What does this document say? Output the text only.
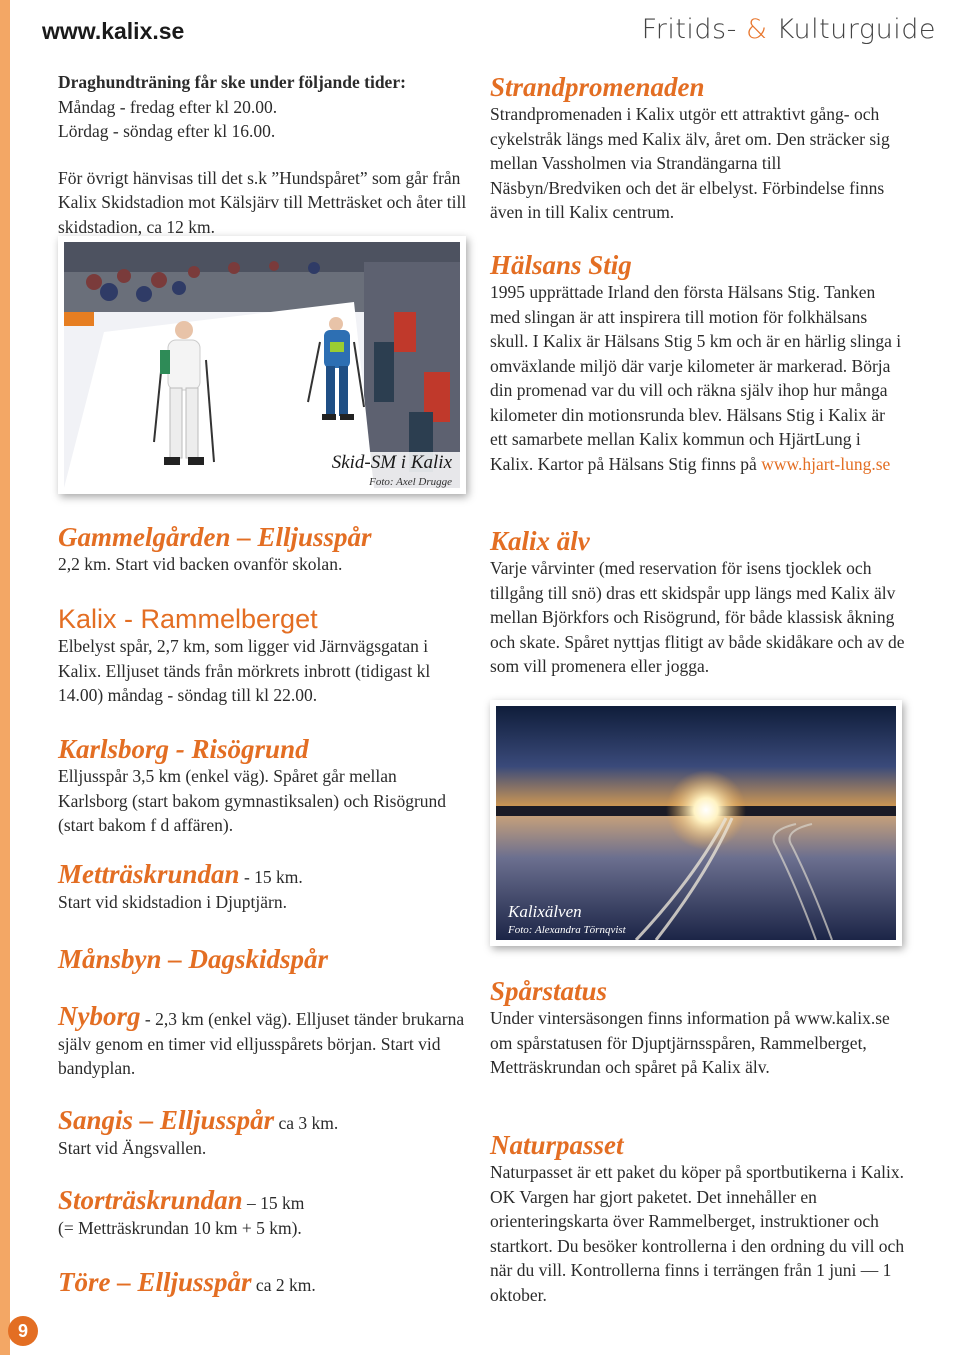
www.kalix.se	Fritids- & Kulturguide

Draghundträning får ske under följande tider:

Måndag - fredag efter kl 20.00.

Lördag - söndag efter kl 16.00.

För övrigt hänvisas till det s.k ”Hundspåret” som går från Kalix Skidstadion mot Kälsjärv till Metträsket och åter till skidstadion, ca 12 km.

Skid-SM i Kalix
Foto: Axel Drugge

Gammelgården – Elljusspår

2,2 km. Start vid backen ovanför skolan.

Kalix - Rammelberget

Elbelyst spår, 2,7 km, som ligger vid Järnvägsgatan i Kalix. Elljuset tänds från mörkrets inbrott (tidigast kl 14.00) måndag - söndag till kl 22.00.

Karlsborg - Risögrund

Elljusspår 3,5 km (enkel väg). Spåret går mellan Karlsborg (start bakom gymnastiksalen) och Risögrund (start bakom f d affären).

Metträskrundan - 15 km.

Start vid skidstadion i Djuptjärn.

Månsbyn – Dagskidspår

Nyborg - 2,3 km (enkel väg). Elljuset tänder brukarna själv genom en timer vid elljusspårets början. Start vid bandyplan.

Sangis – Elljusspår ca 3 km.

Start vid Ängsvallen.

Storträskrundan – 15 km

(= Metträskrundan 10 km + 5 km).

Töre – Elljusspår ca 2 km.

Strandpromenaden

Strandpromenaden i Kalix utgör ett attraktivt gång- och cykelstråk längs med Kalix älv, året om. Den sträcker sig mellan Vassholmen via Strandängarna till Näsbyn/Bredviken och det är elbelyst. Förbindelse finns även in till Kalix centrum.

Hälsans Stig

1995 upprättade Irland den första Hälsans Stig. Tanken med slingan är att inspirera till motion för folkhälsans skull. I Kalix är Hälsans Stig 5 km och är en härlig slinga i omväxlande miljö där varje kilometer är markerad. Börja din promenad var du vill och räkna själv ihop hur många kilometer din motionsrunda blev. Hälsans Stig i Kalix är ett samarbete mellan Kalix kommun och HjärtLung i Kalix. Kartor på Hälsans Stig finns på www.hjart-lung.se

Kalix älv

Varje vårvinter (med reservation för isens tjocklek och tillgång till snö) dras ett skidspår upp längs med Kalix älv mellan Björkfors och Risögrund, för både klassisk åkning och skate. Spåret nyttjas flitigt av både skidåkare och av de som vill promenera eller jogga.

Kalixälven
Foto: Alexandra Törnqvist

Spårstatus

Under vintersäsongen finns information på www.kalix.se om spårstatusen för Djuptjärnsspåren, Rammelberget, Metträskrundan och spåret på Kalix älv.

Naturpasset

Naturpasset är ett paket du köper på sportbutikerna i Kalix. OK Vargen har gjort paketet. Det innehåller en orienteringskarta över Rammelberget, instruktioner och startkort. Du besöker kontrollerna i den ordning du vill och när du vill. Kontrollerna finns i terrängen från 1 juni — 1 oktober.

9
